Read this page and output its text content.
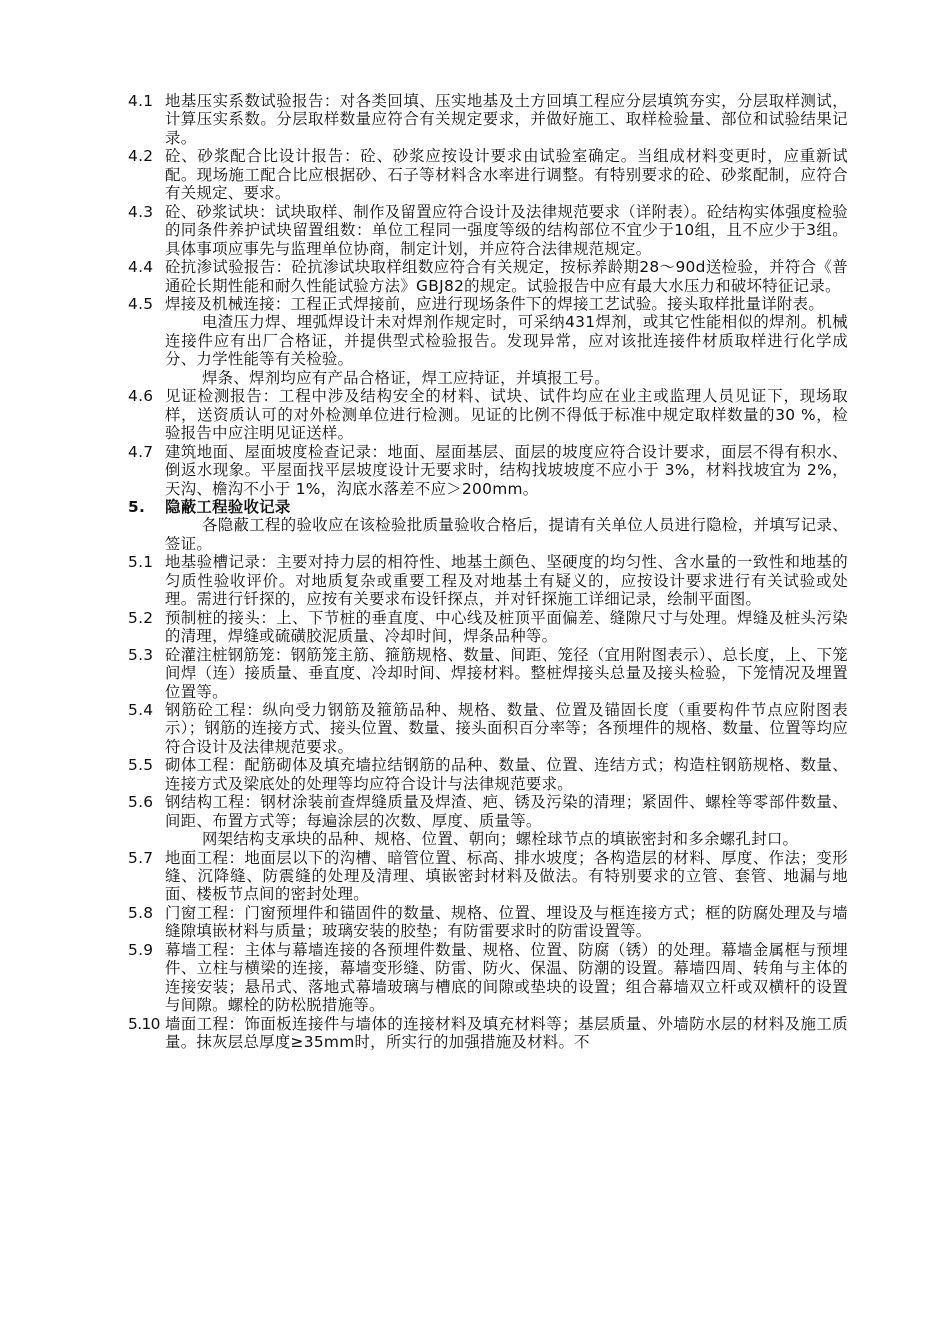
4.1 地基压实系数试验报告：对各类回填、压实地基及土方回填工程应分层填筑夯实，分层取样测试，计算压实系数。分层取样数量应符合有关规定要求，并做好施工、取样检验量、部位和试验结果记录。

4.2 砼、砂浆配合比设计报告：砼、砂浆应按设计要求由试验室确定。当组成材料变更时，应重新试配。现场施工配合比应根据砂、石子等材料含水率进行调整。有特别要求的砼、砂浆配制，应符合有关规定、要求。

4.3 砼、砂浆试块：试块取样、制作及留置应符合设计及法律规范要求（详附表）。砼结构实体强度检验的同条件养护试块留置组数：单位工程同一强度等级的结构部位不宜少于10组，且不应少于3组。具体事项应事先与监理单位协商，制定计划，并应符合法律规范规定。

4.4 砼抗渗试验报告：砼抗渗试块取样组数应符合有关规定，按标养龄期28～90d送检验，并符合《普通砼长期性能和耐久性能试验方法》GBJ82的规定。试验报告中应有最大水压力和破坏特征记录。

4.5 焊接及机械连接：工程正式焊接前，应进行现场条件下的焊接工艺试验。接头取样批量详附表。

电渣压力焊、埋弧焊设计未对焊剂作规定时，可采纳431焊剂，或其它性能相似的焊剂。机械连接件应有出厂合格证，并提供型式检验报告。发现异常，应对该批连接件材质取样进行化学成分、力学性能等有关检验。

焊条、焊剂均应有产品合格证，焊工应持证，并填报工号。

4.6 见证检测报告：工程中涉及结构安全的材料、试块、试件均应在业主或监理人员见证下，现场取样，送资质认可的对外检测单位进行检测。见证的比例不得低于标准中规定取样数量的30 %，检验报告中应注明见证送样。

4.7 建筑地面、屋面坡度检查记录：地面、屋面基层、面层的坡度应符合设计要求，面层不得有积水、倒返水现象。平屋面找平层坡度设计无要求时，结构找坡坡度不应小于 3%，材料找坡宜为 2%，天沟、檐沟不小于 1%，沟底水落差不应＞200mm。

5. 隐蔽工程验收记录

各隐蔽工程的验收应在该检验批质量验收合格后，提请有关单位人员进行隐检，并填写记录、签证。

5.1 地基验槽记录：主要对持力层的相符性、地基土颜色、坚硬度的均匀性、含水量的一致性和地基的匀质性验收评价。对地质复杂或重要工程及对地基土有疑义的，应按设计要求进行有关试验或处理。需进行钎探的，应按有关要求布设钎探点，并对钎探施工详细记录，绘制平面图。

5.2 预制桩的接头：上、下节桩的垂直度、中心线及桩顶平面偏差、缝隙尺寸与处理。焊缝及桩头污染的清理，焊缝或硫磺胶泥质量、冷却时间，焊条品种等。

5.3 砼灌注桩钢筋笼：钢筋笼主筋、箍筋规格、数量、间距、笼径（宜用附图表示）、总长度，上、下笼间焊（连）接质量、垂直度、冷却时间、焊接材料。整桩焊接头总量及接头检验，下笼情况及埋置位置等。

5.4 钢筋砼工程：纵向受力钢筋及箍筋品种、规格、数量、位置及锚固长度（重要构件节点应附图表示）；钢筋的连接方式、接头位置、数量、接头面积百分率等；各预埋件的规格、数量、位置等均应符合设计及法律规范要求。

5.5 砌体工程：配筋砌体及填充墙拉结钢筋的品种、数量、位置、连结方式；构造柱钢筋规格、数量、连接方式及梁底处的处理等均应符合设计与法律规范要求。

5.6 钢结构工程：钢材涂装前查焊缝质量及焊渣、疤、锈及污染的清理；紧固件、螺栓等零部件数量、间距、布置方式等；每遍涂层的次数、厚度、质量等。

网架结构支承块的品种、规格、位置、朝向；螺栓球节点的填嵌密封和多余螺孔封口。

5.7 地面工程：地面层以下的沟槽、暗管位置、标高、排水坡度；各构造层的材料、厚度、作法；变形缝、沉降缝、防震缝的处理及清理、填嵌密封材料及做法。有特别要求的立管、套管、地漏与地面、楼板节点间的密封处理。

5.8 门窗工程：门窗预埋件和锚固件的数量、规格、位置、埋设及与框连接方式；框的防腐处理及与墙缝隙填嵌材料与质量；玻璃安装的胶垫；有防雷要求时的防雷设置等。

5.9 幕墙工程：主体与幕墙连接的各预埋件数量、规格、位置、防腐（锈）的处理。幕墙金属框与预埋件、立柱与横梁的连接，幕墙变形缝、防雷、防火、保温、防潮的设置。幕墙四周、转角与主体的连接安装；悬吊式、落地式幕墙玻璃与槽底的间隙或垫块的设置；组合幕墙双立杆或双横杆的设置与间隙。螺栓的防松脱措施等。

5.10 墙面工程：饰面板连接件与墙体的连接材料及填充材料等；基层质量、外墙防水层的材料及施工质量。抹灰层总厚度≥35mm时，所实行的加强措施及材料。不
